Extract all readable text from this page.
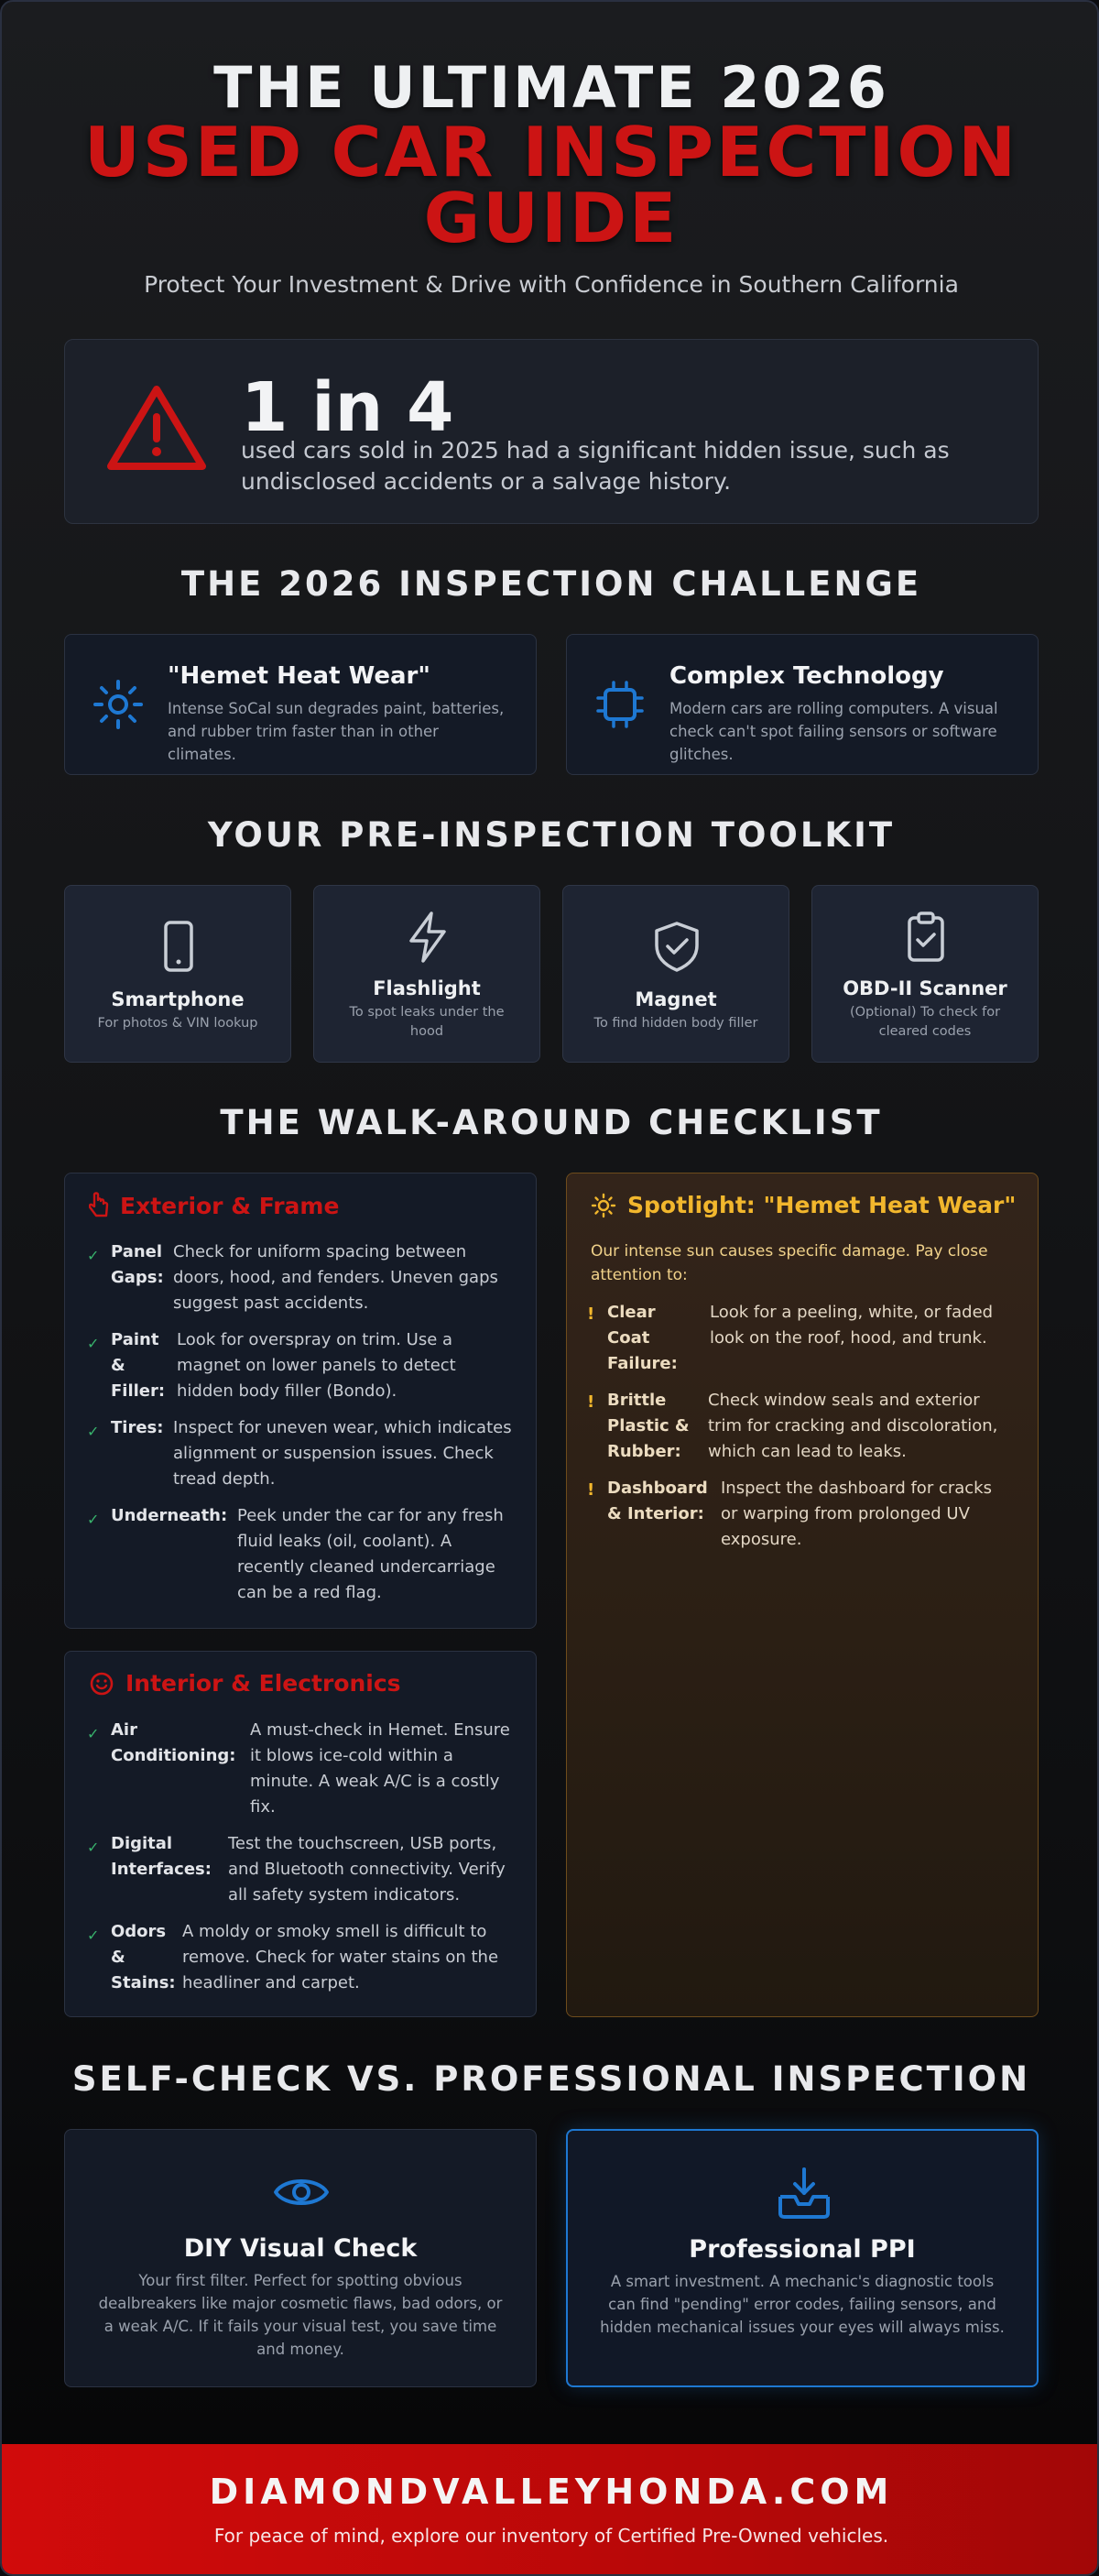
THE ULTIMATE 2026
USED CAR INSPECTION
GUIDE
Protect Your Investment & Drive with Confidence in Southern California
1 in 4
used cars sold in 2025 had a significant hidden issue, such as undisclosed accidents or a salvage history.
THE 2026 INSPECTION CHALLENGE
"Hemet Heat Wear"
Intense SoCal sun degrades paint, batteries, and rubber trim faster than in other climates.
Complex Technology
Modern cars are rolling computers. A visual check can't spot failing sensors or software glitches.
YOUR PRE-INSPECTION TOOLKIT
Smartphone
For photos & VIN lookup
Flashlight
To spot leaks under the hood
Magnet
To find hidden body filler
OBD-II Scanner
(Optional) To check for cleared codes
THE WALK-AROUND CHECKLIST
Exterior & Frame
✓ Panel Gaps:
Check for uniform spacing between doors, hood, and fenders. Uneven gaps suggest past accidents.
✓ Paint & Filler:
Look for overspray on trim. Use a magnet on lower panels to detect hidden body filler (Bondo).
✓ Tires: Inspect for uneven wear, which indicates alignment or suspension issues. Check tread depth.
✓ Underneath: Peek under the car for any fresh fluid leaks (oil, coolant). A recently cleaned undercarriage can be a red flag.
Interior & Electronics
✓ Air Conditioning:
A must-check in Hemet. Ensure it blows ice-cold within a minute. A weak A/C is a costly fix.
✓ Digital Interfaces:
Test the touchscreen, USB ports, and Bluetooth connectivity. Verify all safety system indicators.
✓ Odors & Stains:
A moldy or smoky smell is difficult to remove. Check for water stains on the headliner and carpet.
Spotlight: "Hemet Heat Wear"
Our intense sun causes specific damage. Pay close attention to:
! Clear Coat Failure:
Look for a peeling, white, or faded look on the roof, hood, and trunk.
! Brittle Plastic & Rubber:
Check window seals and exterior trim for cracking and discoloration, which can lead to leaks.
! Dashboard & Interior:
Inspect the dashboard for cracks or warping from prolonged UV exposure.
SELF-CHECK VS. PROFESSIONAL INSPECTION
DIY Visual Check
Your first filter. Perfect for spotting obvious dealbreakers like major cosmetic flaws, bad odors, or a weak A/C. If it fails your visual test, you save time and money.
Professional PPI
A smart investment. A mechanic's diagnostic tools can find "pending" error codes, failing sensors, and hidden mechanical issues your eyes will always miss.
DIAMONDVALLEYHONDA.COM
For peace of mind, explore our inventory of Certified Pre-Owned vehicles.
